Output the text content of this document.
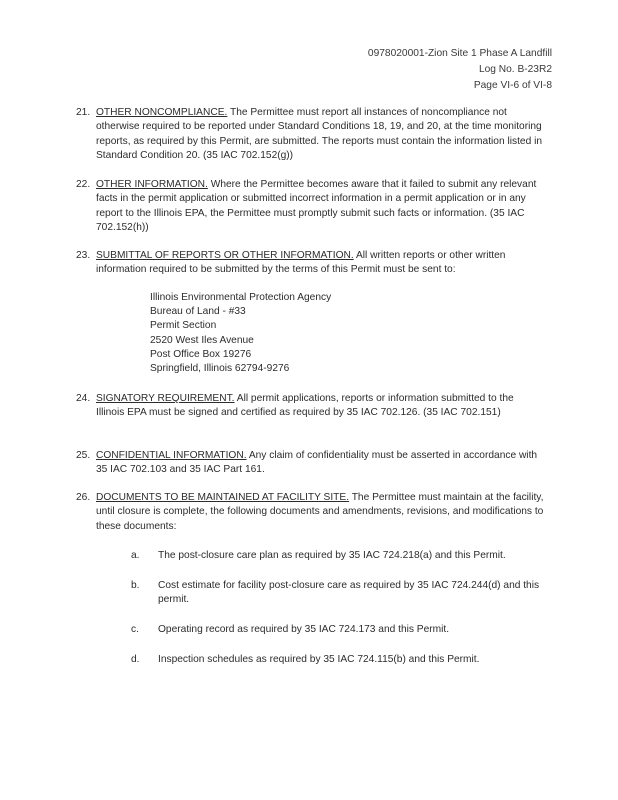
0978020001-Zion Site 1 Phase A Landfill
Log No. B-23R2
Page VI-6 of VI-8
21. OTHER NONCOMPLIANCE. The Permittee must report all instances of noncompliance not otherwise required to be reported under Standard Conditions 18, 19, and 20, at the time monitoring reports, as required by this Permit, are submitted. The reports must contain the information listed in Standard Condition 20. (35 IAC 702.152(g))
22. OTHER INFORMATION. Where the Permittee becomes aware that it failed to submit any relevant facts in the permit application or submitted incorrect information in a permit application or in any report to the Illinois EPA, the Permittee must promptly submit such facts or information. (35 IAC 702.152(h))
23. SUBMITTAL OF REPORTS OR OTHER INFORMATION. All written reports or other written information required to be submitted by the terms of this Permit must be sent to:
Illinois Environmental Protection Agency
Bureau of Land - #33
Permit Section
2520 West Iles Avenue
Post Office Box 19276
Springfield, Illinois 62794-9276
24. SIGNATORY REQUIREMENT. All permit applications, reports or information submitted to the Illinois EPA must be signed and certified as required by 35 IAC 702.126. (35 IAC 702.151)
25. CONFIDENTIAL INFORMATION. Any claim of confidentiality must be asserted in accordance with 35 IAC 702.103 and 35 IAC Part 161.
26. DOCUMENTS TO BE MAINTAINED AT FACILITY SITE. The Permittee must maintain at the facility, until closure is complete, the following documents and amendments, revisions, and modifications to these documents:
a. The post-closure care plan as required by 35 IAC 724.218(a) and this Permit.
b. Cost estimate for facility post-closure care as required by 35 IAC 724.244(d) and this permit.
c. Operating record as required by 35 IAC 724.173 and this Permit.
d. Inspection schedules as required by 35 IAC 724.115(b) and this Permit.
